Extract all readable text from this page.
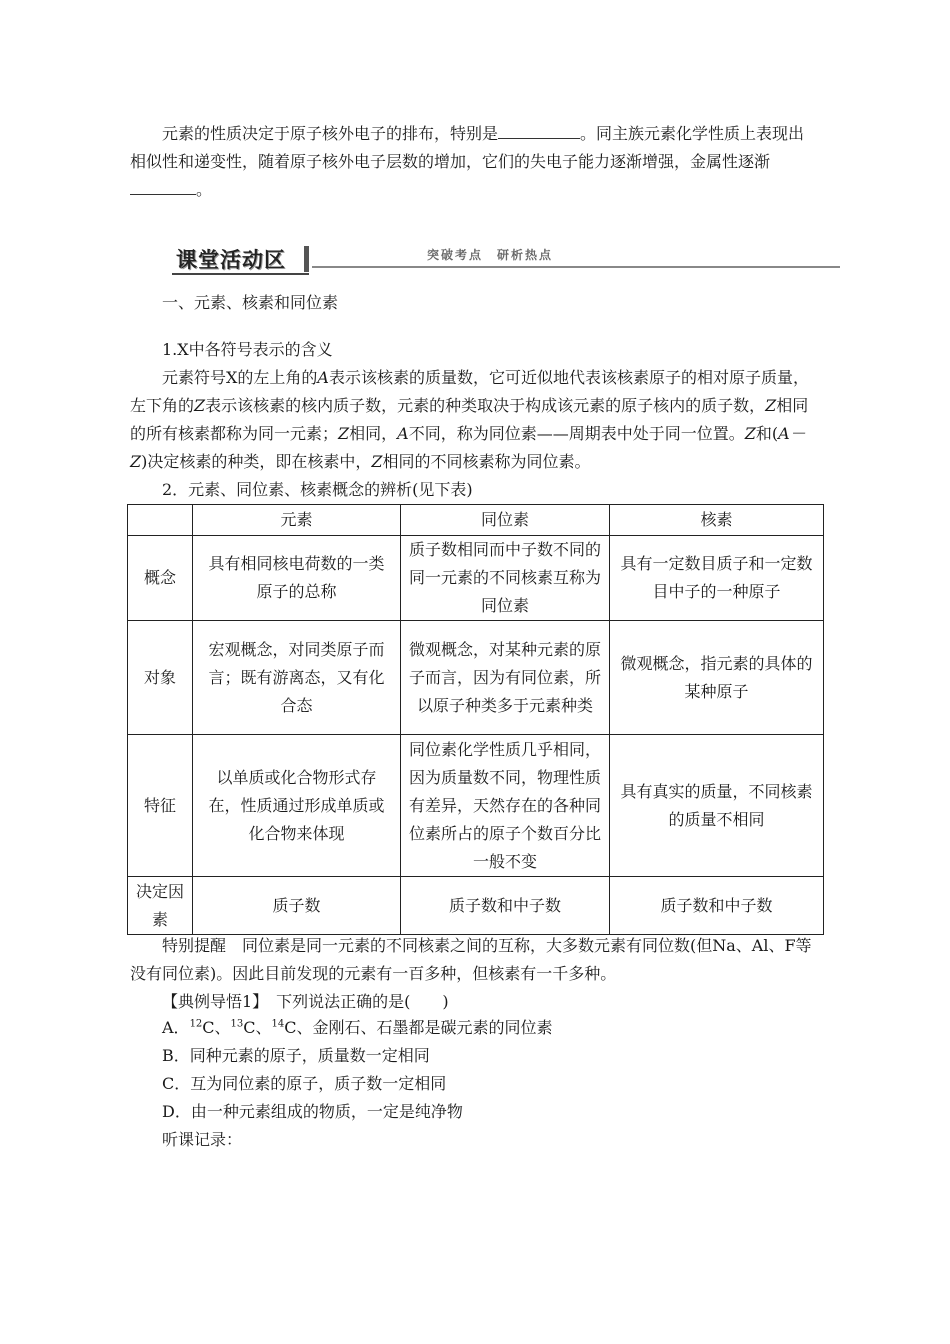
元素的性质决定于原子核外电子的排布，特别是	。同主族元素化学性质上表现出相似性和递变性，随着原子核外电子层数的增加，它们的失电子能力逐渐增强，金属性逐渐。

课堂活动区	突破考点　研析热点

一、元素、核素和同位素

1.X中各符号表示的含义

元素符号X的左上角的A表示该核素的质量数，它可近似地代表该核素原子的相对原子质量，左下角的Z表示该核素的核内质子数，元素的种类取决于构成该元素的原子核内的质子数，Z相同的所有核素都称为同一元素；Z相同，A不同，称为同位素——周期表中处于同一位置。Z和(A－Z)决定核素的种类，即在核素中，Z相同的不同核素称为同位素。

2．元素、同位素、核素概念的辨析(见下表)

	元素	同位素	核素
概念	具有相同核电荷数的一类原子的总称	质子数相同而中子数不同的同一元素的不同核素互称为同位素	具有一定数目质子和一定数目中子的一种原子
对象	宏观概念，对同类原子而言；既有游离态，又有化合态	微观概念，对某种元素的原子而言，因为有同位素，所以原子种类多于元素种类	微观概念，指元素的具体的某种原子
特征	以单质或化合物形式存在，性质通过形成单质或化合物来体现	同位素化学性质几乎相同，因为质量数不同，物理性质有差异，天然存在的各种同位素所占的原子个数百分比一般不变	具有真实的质量，不同核素的质量不相同
决定因素	质子数	质子数和中子数	质子数和中子数

特别提醒　同位素是同一元素的不同核素之间的互称，大多数元素有同位数(但Na、Al、F等没有同位素)。因此目前发现的元素有一百多种，但核素有一千多种。

【典例导悟1】　下列说法正确的是(　　)

A．$^{12}$C、$^{13}$C、$^{14}$C、金刚石、石墨都是碳元素的同位素

B．同种元素的原子，质量数一定相同

C．互为同位素的原子，质子数一定相同

D．由一种元素组成的物质，一定是纯净物

听课记录：
